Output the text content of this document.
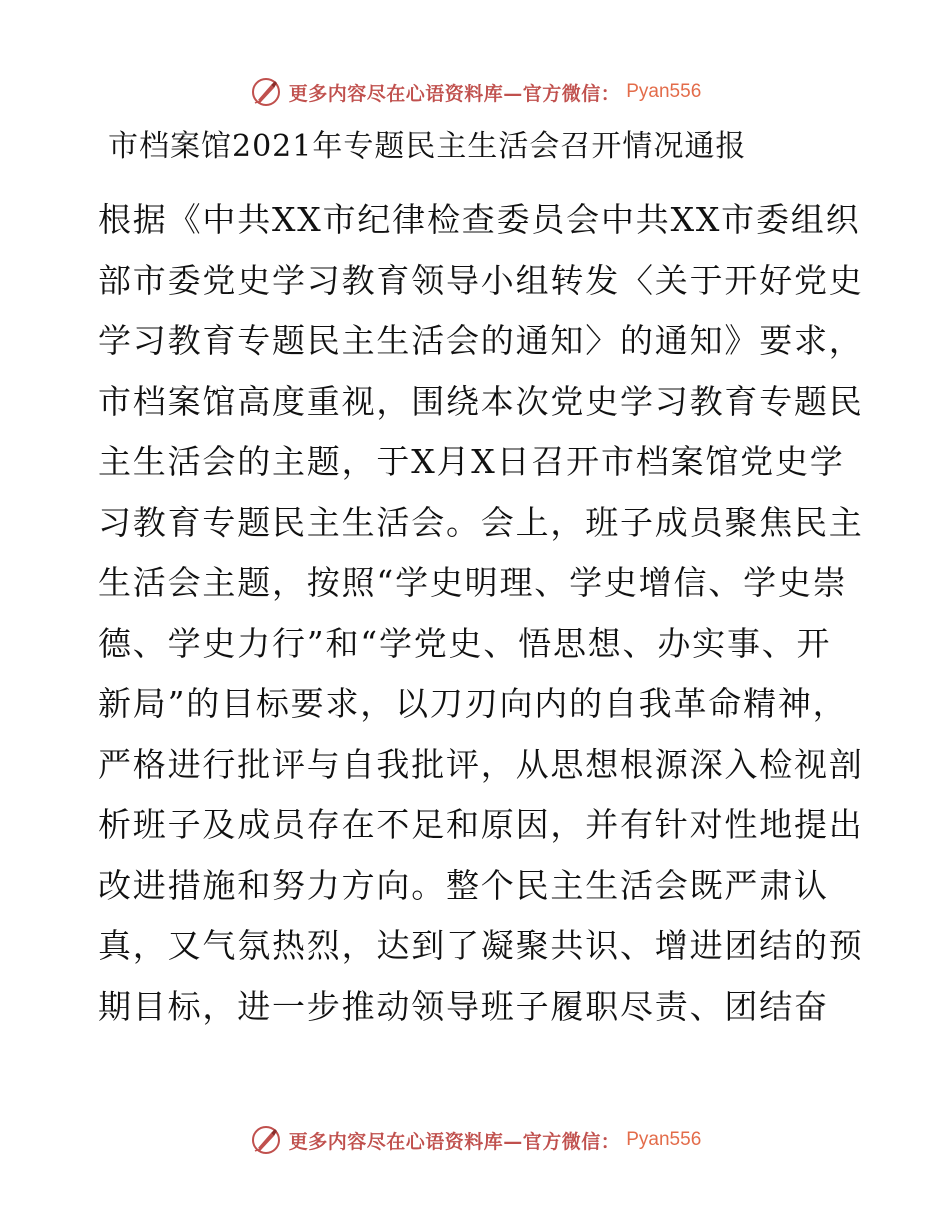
更多内容尽在心语资料库—官方微信： Pyan556
市档案馆2021年专题民主生活会召开情况通报
根据《中共XX市纪律检查委员会中共XX市委组织
部市委党史学习教育领导小组转发〈关于开好党史
学习教育专题民主生活会的通知〉的通知》要求，
市档案馆高度重视，围绕本次党史学习教育专题民
主生活会的主题，于X月X日召开市档案馆党史学
习教育专题民主生活会。会上，班子成员聚焦民主
生活会主题，按照“学史明理、学史增信、学史崇
德、学史力行”和“学党史、悟思想、办实事、开
新局”的目标要求，以刀刃向内的自我革命精神，
严格进行批评与自我批评，从思想根源深入检视剖
析班子及成员存在不足和原因，并有针对性地提出
改进措施和努力方向。整个民主生活会既严肃认
真，又气氛热烈，达到了凝聚共识、增进团结的预
期目标，进一步推动领导班子履职尽责、团结奋
更多内容尽在心语资料库—官方微信： Pyan556
